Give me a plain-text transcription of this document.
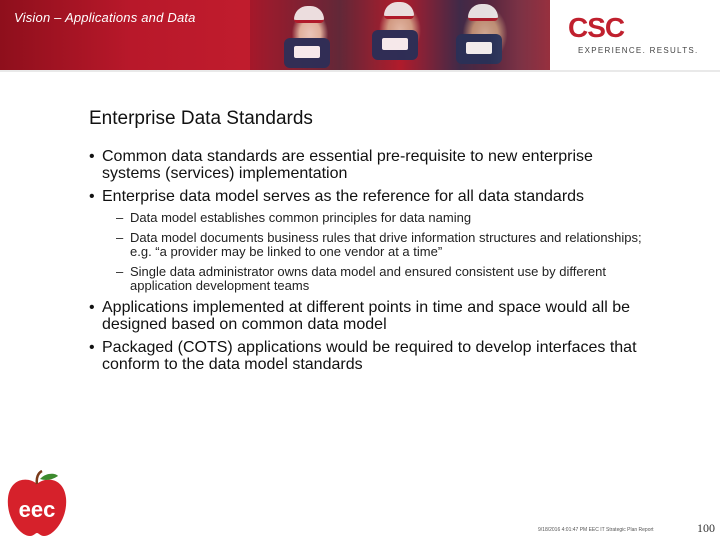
Vision – Applications and Data	CSC
EXPERIENCE. RESULTS.
Enterprise Data Standards
• Common data standards are essential pre-requisite to new enterprise systems (services) implementation
• Enterprise data model serves as the reference for all data standards
– Data model establishes common principles for data naming
– Data model documents business rules that drive information structures and relationships; e.g. “a provider may be linked to one vendor at a time”
– Single data administrator owns data model and ensured consistent use by different application development teams
• Applications implemented at different points in time and space would all be designed based on common data model
• Packaged (COTS) applications would be required to develop interfaces that conform to the data model standards
eec
9/18/2016 4:01:47 PM EEC IT Strategic Plan Report	100
